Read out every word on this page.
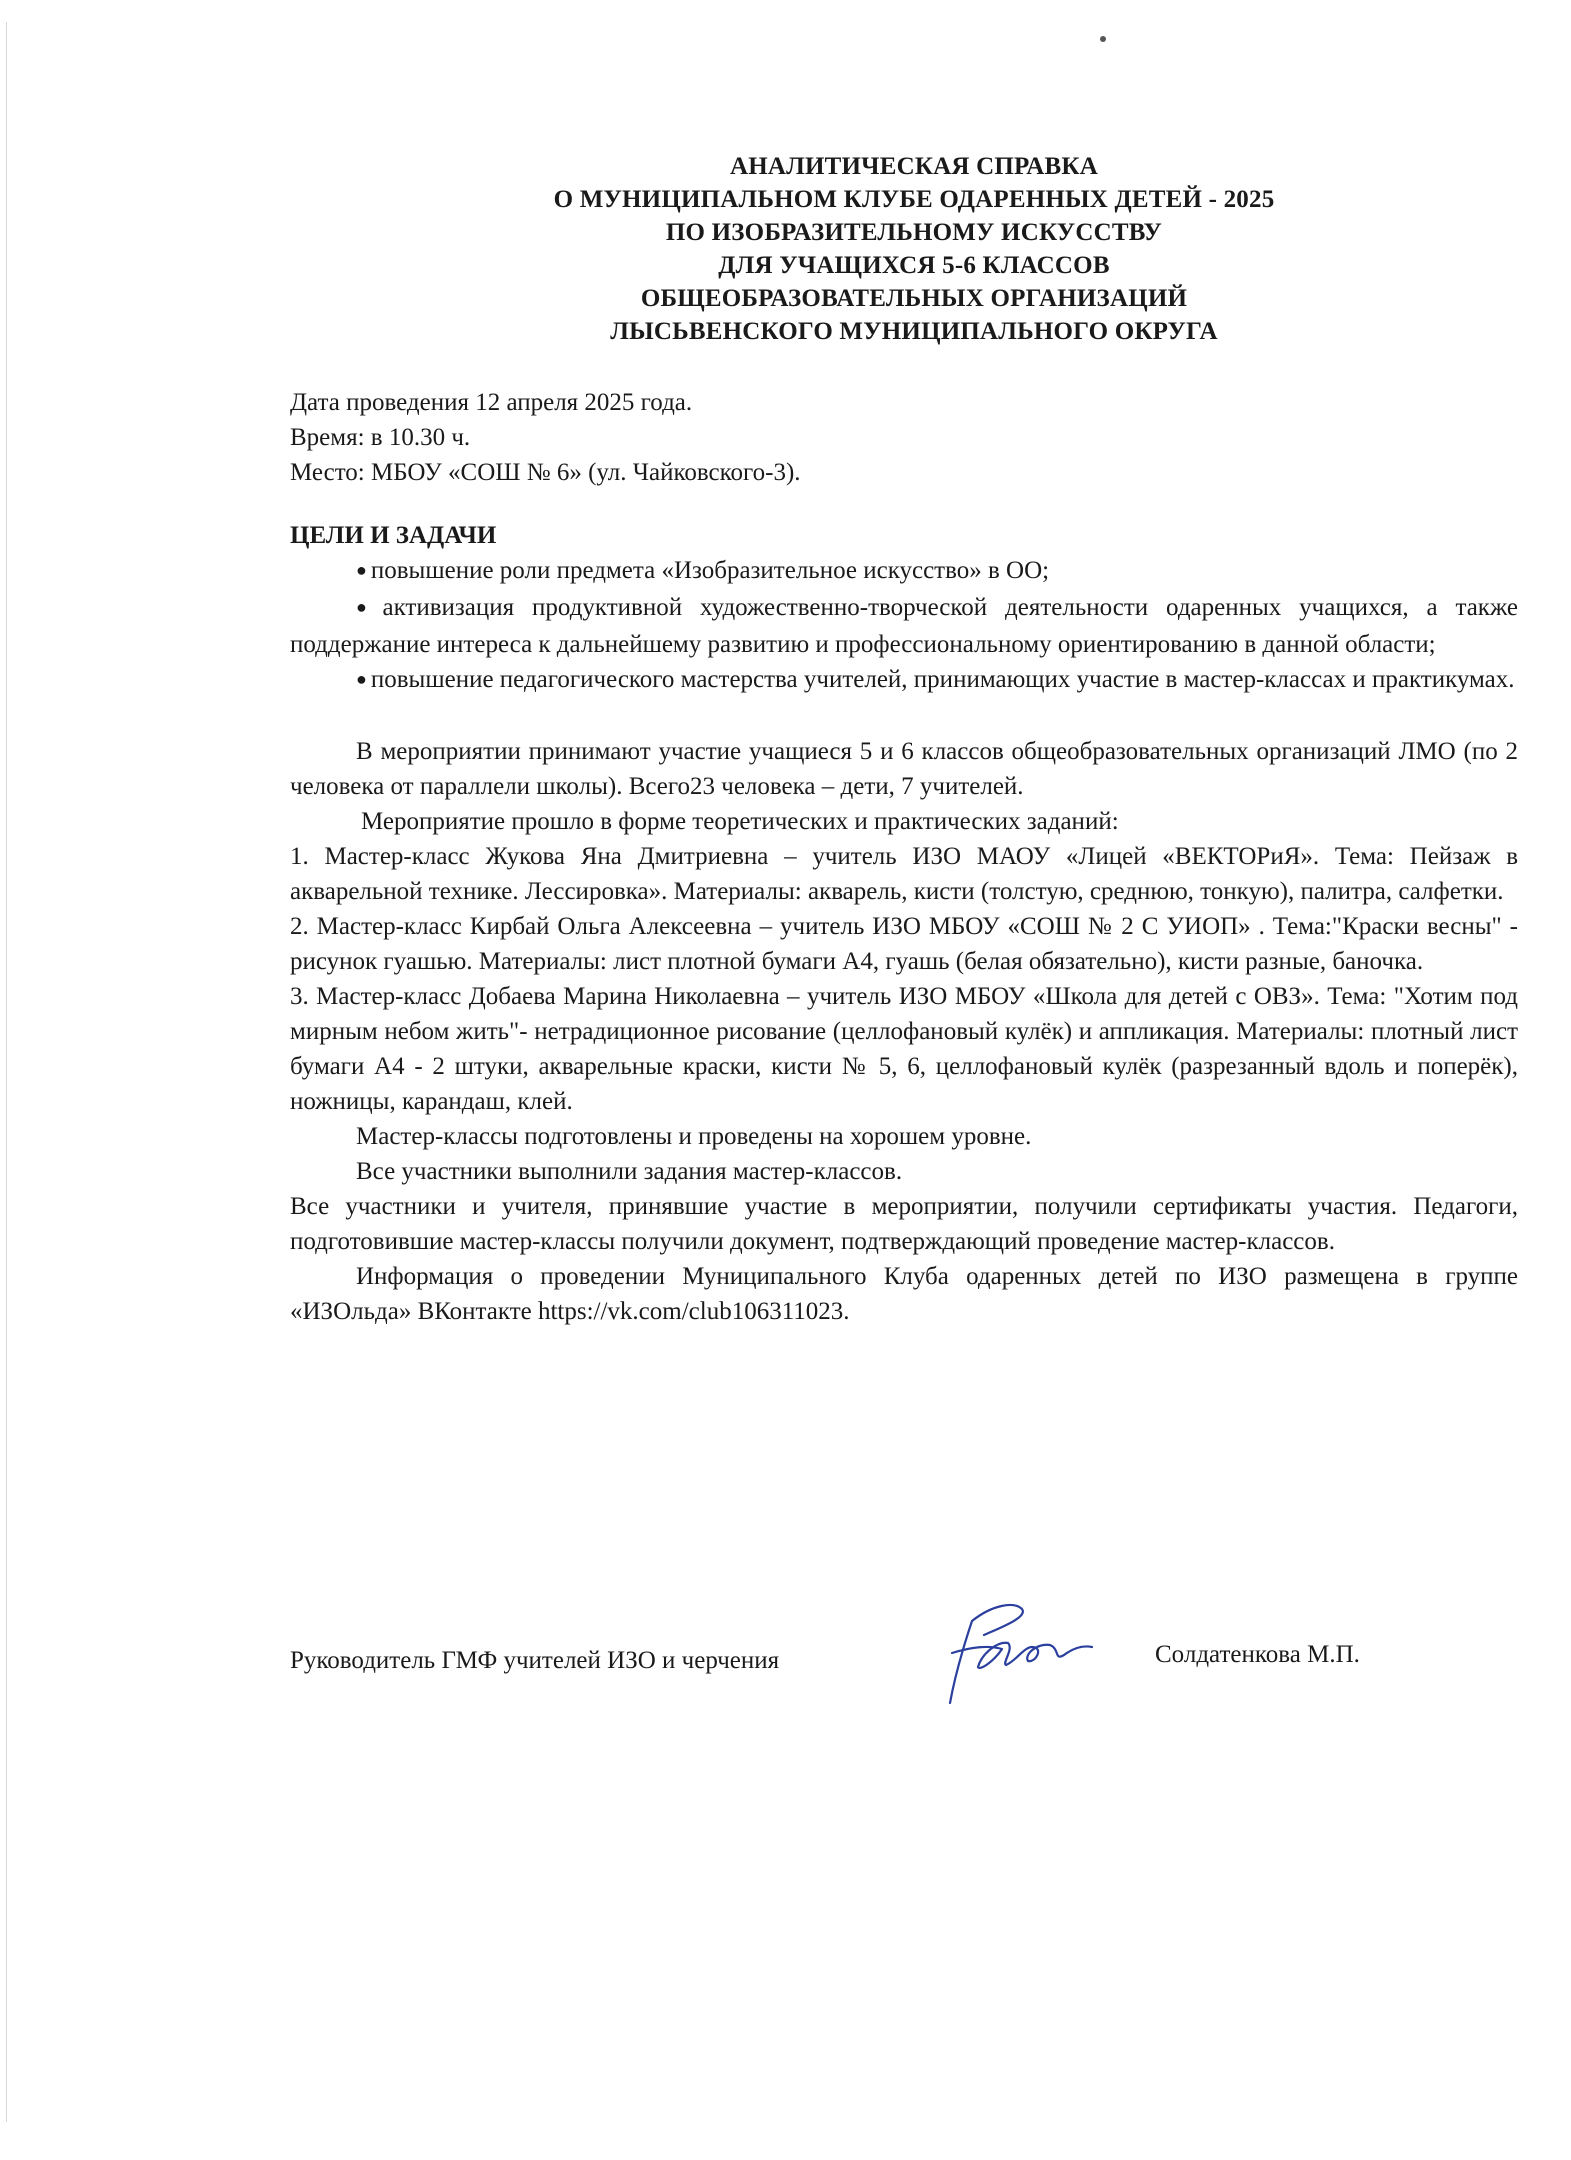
АНАЛИТИЧЕСКАЯ СПРАВКА
О МУНИЦИПАЛЬНОМ КЛУБЕ ОДАРЕННЫХ ДЕТЕЙ - 2025
ПО ИЗОБРАЗИТЕЛЬНОМУ ИСКУССТВУ
ДЛЯ УЧАЩИХСЯ 5-6 КЛАССОВ
ОБЩЕОБРАЗОВАТЕЛЬНЫХ ОРГАНИЗАЦИЙ
ЛЫСЬВЕНСКОГО МУНИЦИПАЛЬНОГО ОКРУГА
Дата проведения 12 апреля 2025 года.
Время: в 10.30 ч.
Место: МБОУ «СОШ № 6» (ул. Чайковского-3).
ЦЕЛИ И ЗАДАЧИ
● повышение роли предмета «Изобразительное искусство» в ОО;
● активизация продуктивной художественно-творческой деятельности одаренных учащихся, а также поддержание интереса к дальнейшему развитию и профессиональному ориентированию в данной области;
● повышение педагогического мастерства учителей, принимающих участие в мастер-классах и практикумах.

В мероприятии принимают участие учащиеся 5 и 6 классов общеобразовательных организаций ЛМО (по 2 человека от параллели школы). Всего23 человека – дети, 7 учителей.

Мероприятие прошло в форме теоретических и практических заданий:

1. Мастер-класс Жукова Яна Дмитриевна – учитель ИЗО МАОУ «Лицей «ВЕКТОРиЯ». Тема: Пейзаж в акварельной технике. Лессировка». Материалы: акварель, кисти (толстую, среднюю, тонкую), палитра, салфетки.

2. Мастер-класс Кирбай Ольга Алексеевна – учитель ИЗО МБОУ «СОШ № 2 С УИОП» . Тема:"Краски весны" - рисунок гуашью. Материалы: лист плотной бумаги А4, гуашь (белая обязательно), кисти разные, баночка.

3. Мастер-класс Добаева Марина Николаевна – учитель ИЗО МБОУ «Школа для детей с ОВЗ». Тема: "Хотим под мирным небом жить"- нетрадиционное рисование (целлофановый кулёк) и аппликация. Материалы: плотный лист бумаги А4 - 2 штуки, акварельные краски, кисти № 5, 6, целлофановый кулёк (разрезанный вдоль и поперёк), ножницы, карандаш, клей.

Мастер-классы подготовлены и проведены на хорошем уровне.

Все участники выполнили задания мастер-классов.

Все участники и учителя, принявшие участие в мероприятии, получили сертификаты участия. Педагоги, подготовившие мастер-классы получили документ, подтверждающий проведение мастер-классов.

Информация о проведении Муниципального Клуба одаренных детей по ИЗО размещена в группе «ИЗОльда» ВКонтакте https://vk.com/club106311023.

Руководитель ГМФ учителей ИЗО и черчения	Солдатенкова М.П.
